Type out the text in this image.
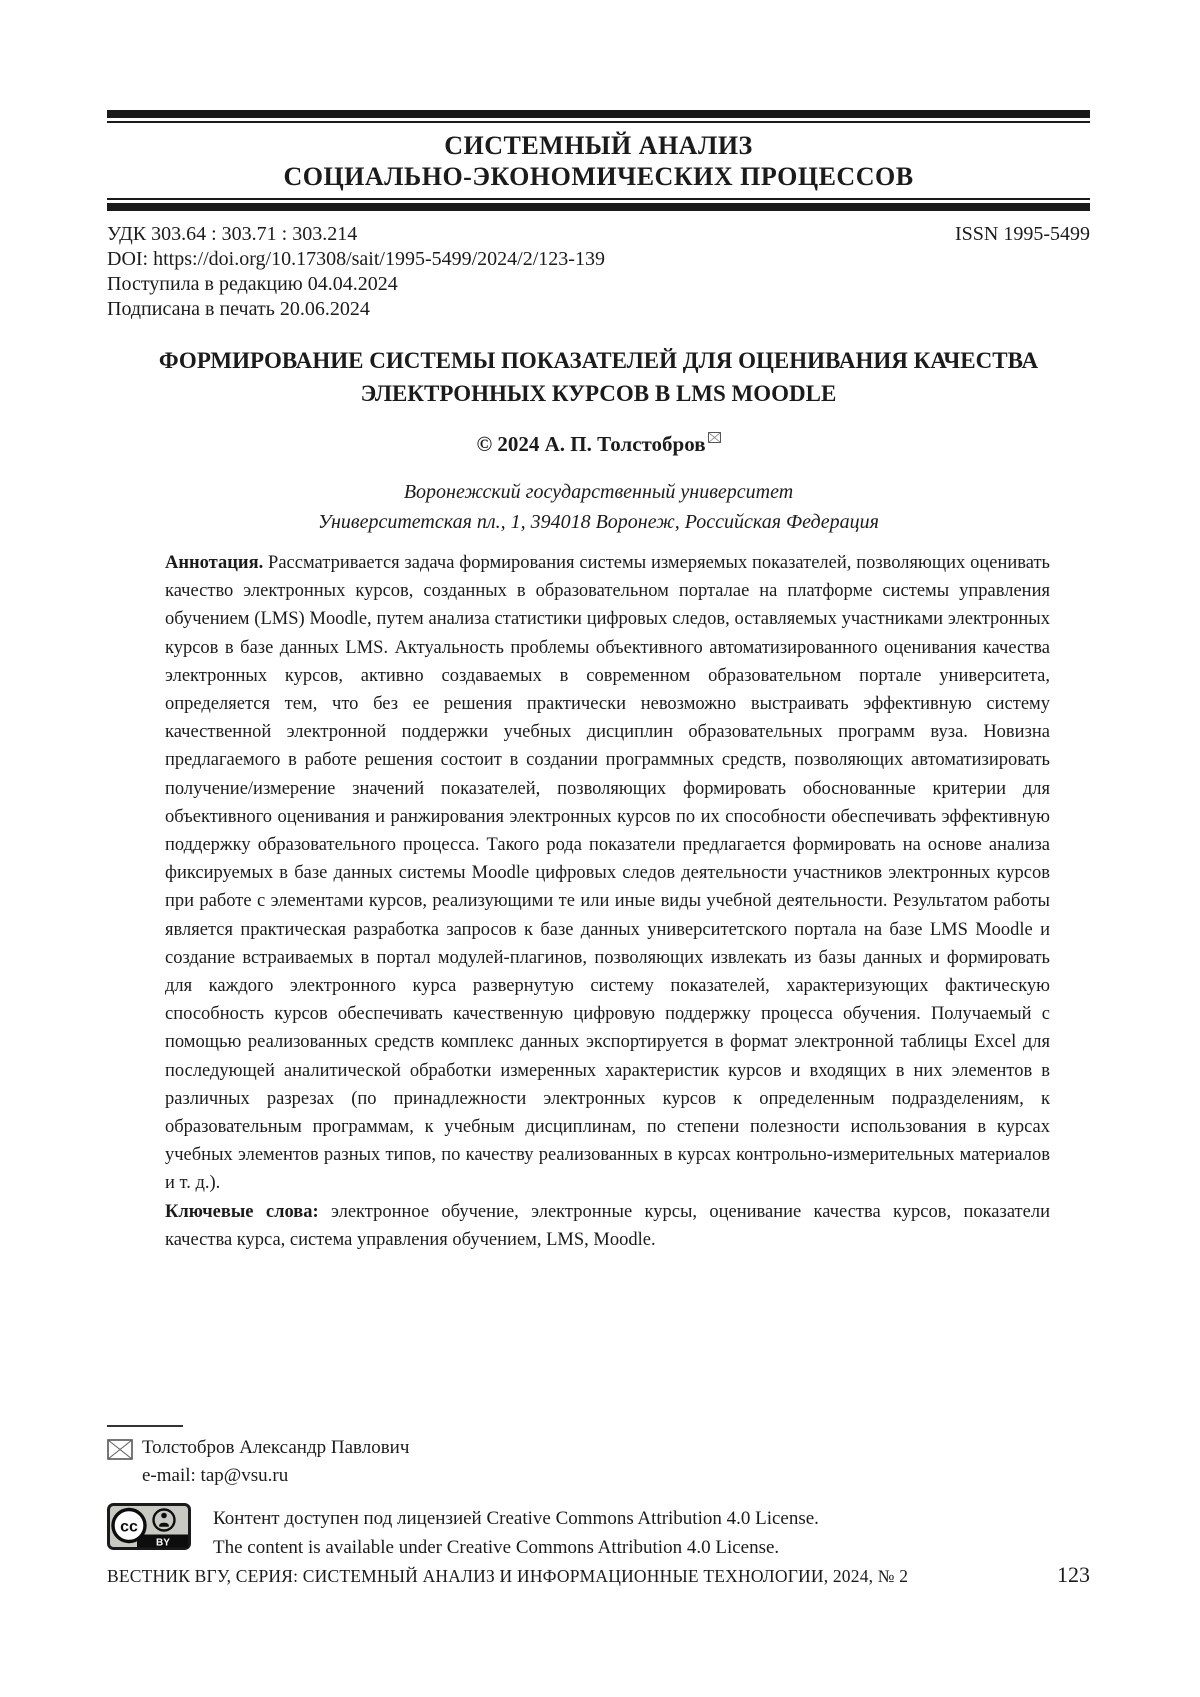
СИСТЕМНЫЙ АНАЛИЗ
СОЦИАЛЬНО-ЭКОНОМИЧЕСКИХ ПРОЦЕССОВ
УДК 303.64 : 303.71 : 303.214	ISSN 1995-5499
DOI: https://doi.org/10.17308/sait/1995-5499/2024/2/123-139
Поступила в редакцию 04.04.2024
Подписана в печать 20.06.2024
ФОРМИРОВАНИЕ СИСТЕМЫ ПОКАЗАТЕЛЕЙ ДЛЯ ОЦЕНИВАНИЯ КАЧЕСТВА ЭЛЕКТРОННЫХ КУРСОВ В LMS MOODLE
© 2024 А. П. Толстобров
Воронежский государственный университет
Университетская пл., 1, 394018 Воронеж, Российская Федерация

Аннотация. Рассматривается задача формирования системы измеряемых показателей, позволяющих оценивать качество электронных курсов, созданных в образовательном порталае на платформе системы управления обучением (LMS) Moodle, путем анализа статистики цифровых следов, оставляемых участниками электронных курсов в базе данных LMS. Актуальность проблемы объективного автоматизированного оценивания качества электронных курсов, активно создаваемых в современном образовательном портале университета, определяется тем, что без ее решения практически невозможно выстраивать эффективную систему качественной электронной поддержки учебных дисциплин образовательных программ вуза. Новизна предлагаемого в работе решения состоит в создании программных средств, позволяющих автоматизировать получение/измерение значений показателей, позволяющих формировать обоснованные критерии для объективного оценивания и ранжирования электронных курсов по их способности обеспечивать эффективную поддержку образовательного процесса. Такого рода показатели предлагается формировать на основе анализа фиксируемых в базе данных системы Moodle цифровых следов деятельности участников электронных курсов при работе с элементами курсов, реализующими те или иные виды учебной деятельности. Результатом работы является практическая разработка запросов к базе данных университетского портала на базе LMS Moodle и создание встраиваемых в портал модулей-плагинов, позволяющих извлекать из базы данных и формировать для каждого электронного курса развернутую систему показателей, характеризующих фактическую способность курсов обеспечивать качественную цифровую поддержку процесса обучения. Получаемый с помощью реализованных средств комплекс данных экспортируется в формат электронной таблицы Excel для последующей аналитической обработки измеренных характеристик курсов и входящих в них элементов в различных разрезах (по принадлежности электронных курсов к определенным подразделениям, к образовательным программам, к учебным дисциплинам, по степени полезности использования в курсах учебных элементов разных типов, по качеству реализованных в курсах контрольно-измерительных материалов и т. д.).

Ключевые слова: электронное обучение, электронные курсы, оценивание качества курсов, показатели качества курса, система управления обучением, LMS, Moodle.

Толстобров Александр Павлович
e-mail: tap@vsu.ru
cc
BY
Контент доступен под лицензией Creative Commons Attribution 4.0 License.
The content is available under Creative Commons Attribution 4.0 License.
ВЕСТНИК ВГУ, СЕРИЯ: СИСТЕМНЫЙ АНАЛИЗ И ИНФОРМАЦИОННЫЕ ТЕХНОЛОГИИ, 2024, № 2	123
